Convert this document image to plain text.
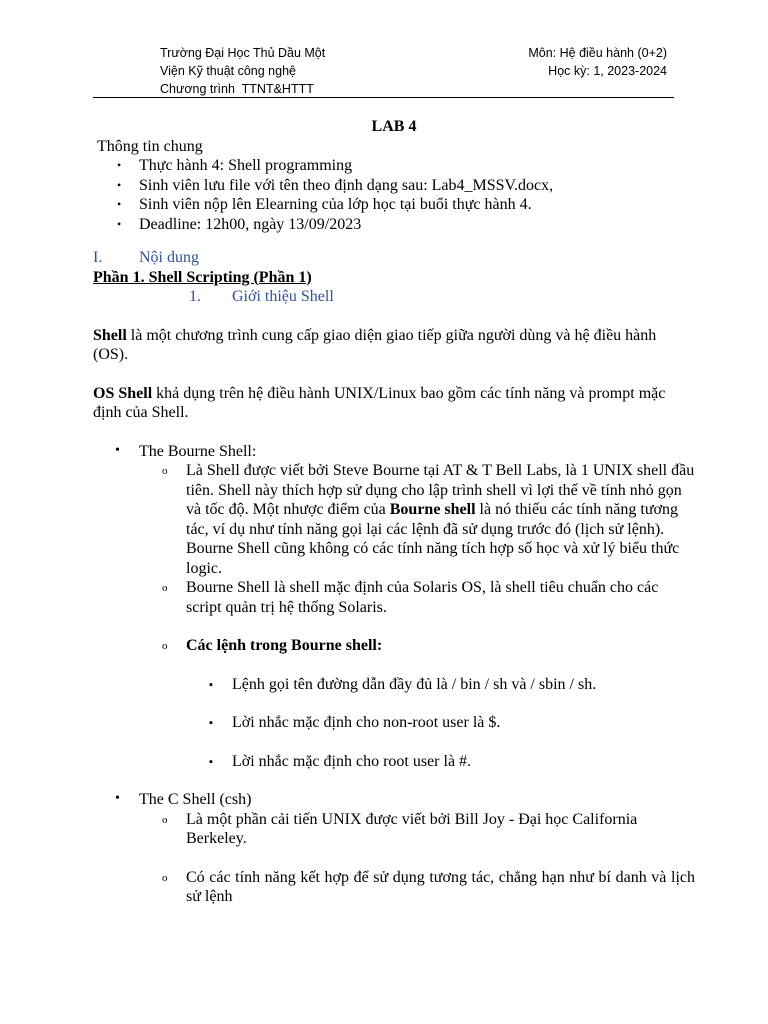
Trường Đại Học Thủ Dầu Một	Môn: Hệ điều hành (0+2)
Viện Kỹ thuật công nghệ	Học kỳ: 1, 2023-2024
Chương trình  TTNT&HTTT

LAB 4

Thông tin chung

• Thực hành 4: Shell programming
• Sinh viên lưu file với tên theo định dạng sau: Lab4_MSSV.docx,
• Sinh viên nộp lên Elearning của lớp học tại buổi thực hành 4.
• Deadline: 12h00, ngày 13/09/2023
I.	Nội dung

Phần 1. Shell Scripting (Phần 1)

1.	Giới thiệu Shell

Shell là một chương trình cung cấp giao diện giao tiếp giữa người dùng và hệ điều hành (OS).

OS Shell khả dụng trên hệ điều hành UNIX/Linux bao gồm các tính năng và prompt mặc định của Shell.

• The Bourne Shell:
o Là Shell được viết bởi Steve Bourne tại AT & T Bell Labs, là 1 UNIX shell đầu tiên. Shell này thích hợp sử dụng cho lập trình shell vì lợi thế về tính nhỏ gọn và tốc độ. Một nhược điểm của Bourne shell là nó thiếu các tính năng tương tác, ví dụ như tính năng gọi lại các lệnh đã sử dụng trước đó (lịch sử lệnh). Bourne Shell cũng không có các tính năng tích hợp số học và xử lý biểu thức logic.
o Bourne Shell là shell mặc định của Solaris OS, là shell tiêu chuẩn cho các script quản trị hệ thống Solaris.
o Các lệnh trong Bourne shell:
▪ Lệnh gọi tên đường dẫn đầy đủ là / bin / sh và / sbin / sh.
▪ Lời nhắc mặc định cho non-root user là $.
▪ Lời nhắc mặc định cho root user là #.
• The C Shell (csh)
o Là một phần cải tiến UNIX được viết bởi Bill Joy - Đại học California Berkeley.
o Có các tính năng kết hợp để sử dụng tương tác, chẳng hạn như bí danh và lịch sử lệnh
